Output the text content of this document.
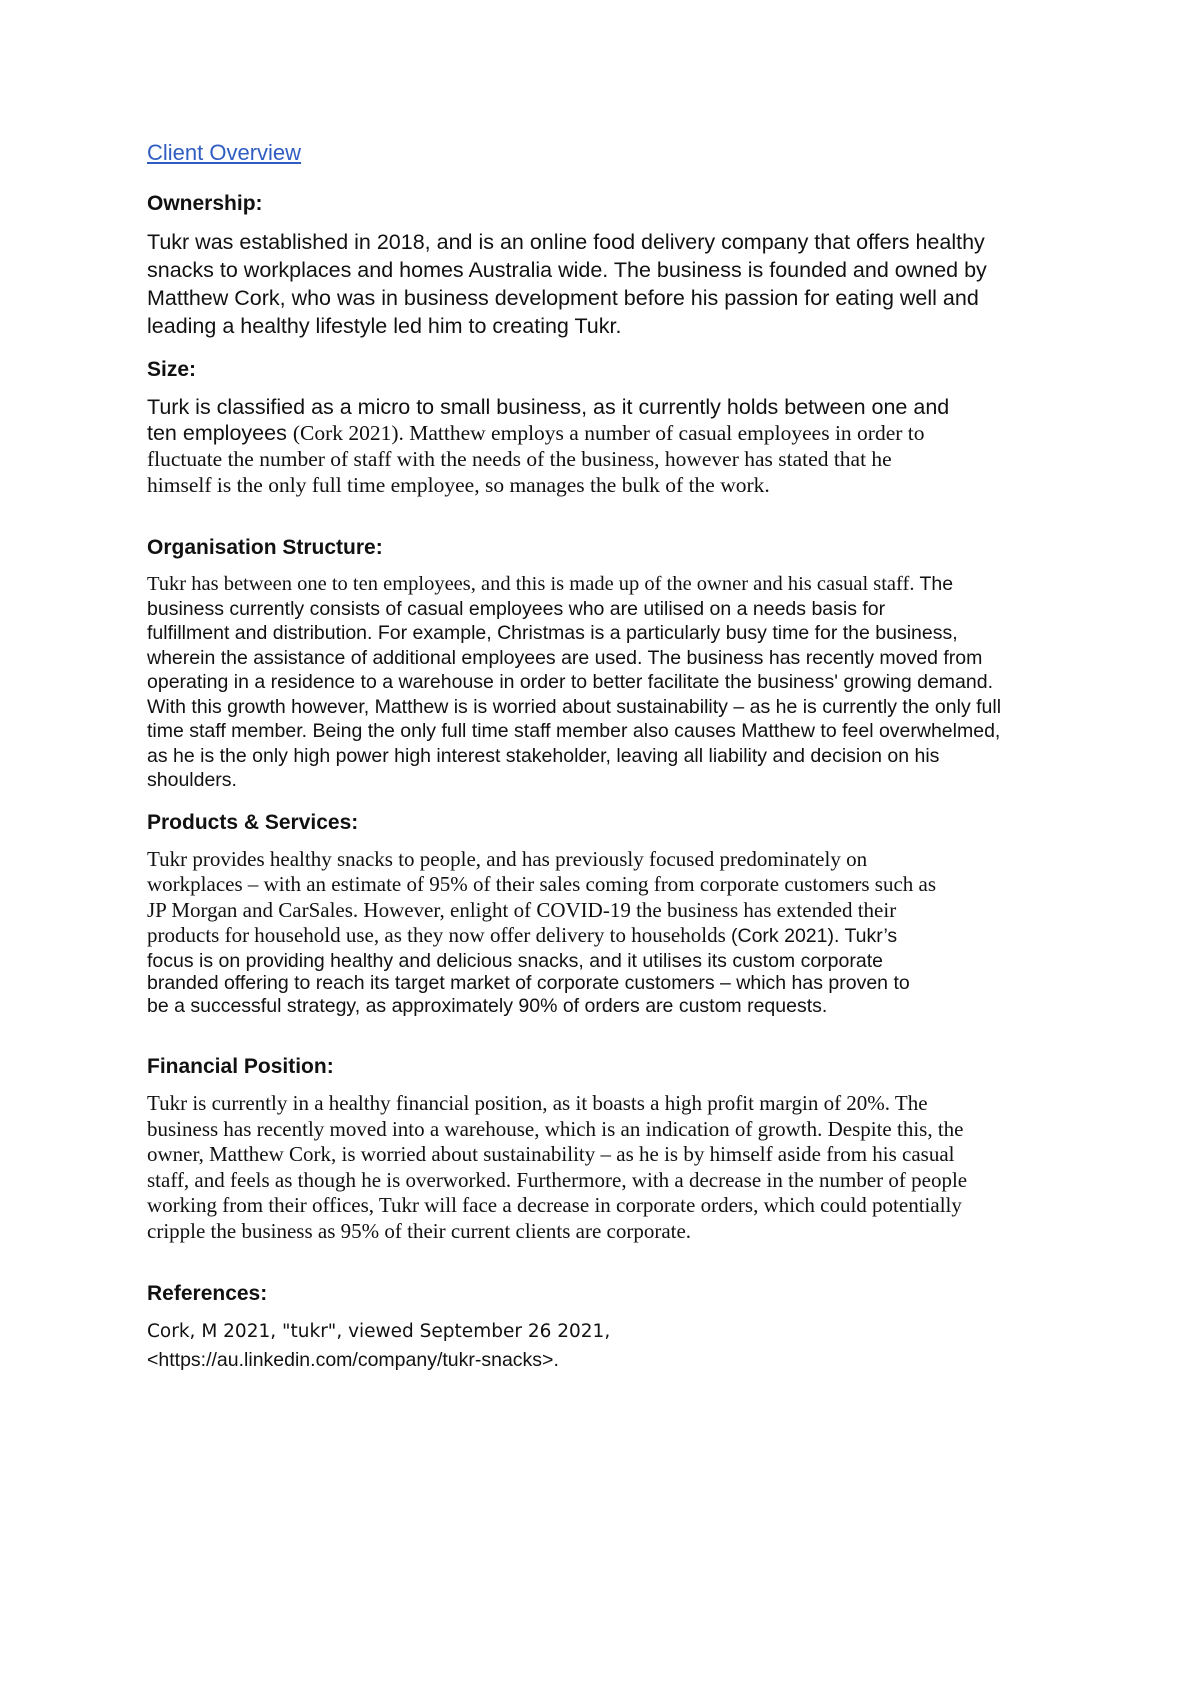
Client Overview
Ownership:

Tukr was established in 2018, and is an online food delivery company that offers healthy
snacks to workplaces and homes Australia wide. The business is founded and owned by
Matthew Cork, who was in business development before his passion for eating well and
leading a healthy lifestyle led him to creating Tukr.

Size:

Turk is classified as a micro to small business, as it currently holds between one and
ten employees (Cork 2021). Matthew employs a number of casual employees in order to
fluctuate the number of staff with the needs of the business, however has stated that he
himself is the only full time employee, so manages the bulk of the work.

Organisation Structure:

Tukr has between one to ten employees, and this is made up of the owner and his casual staff. The
business currently consists of casual employees who are utilised on a needs basis for
fulfillment and distribution. For example, Christmas is a particularly busy time for the business,
wherein the assistance of additional employees are used. The business has recently moved from
operating in a residence to a warehouse in order to better facilitate the business' growing demand.
With this growth however, Matthew is is worried about sustainability – as he is currently the only full
time staff member. Being the only full time staff member also causes Matthew to feel overwhelmed,
as he is the only high power high interest stakeholder, leaving all liability and decision on his
shoulders.

Products & Services:

Tukr provides healthy snacks to people, and has previously focused predominately on
workplaces – with an estimate of 95% of their sales coming from corporate customers such as
JP Morgan and CarSales. However, enlight of COVID-19 the business has extended their
products for household use, as they now offer delivery to households (Cork 2021). Tukr’s
focus is on providing healthy and delicious snacks, and it utilises its custom corporate
branded offering to reach its target market of corporate customers – which has proven to
be a successful strategy, as approximately 90% of orders are custom requests.

Financial Position:

Tukr is currently in a healthy financial position, as it boasts a high profit margin of 20%. The
business has recently moved into a warehouse, which is an indication of growth. Despite this, the
owner, Matthew Cork, is worried about sustainability – as he is by himself aside from his casual
staff, and feels as though he is overworked. Furthermore, with a decrease in the number of people
working from their offices, Tukr will face a decrease in corporate orders, which could potentially
cripple the business as 95% of their current clients are corporate.

References:

Cork, M 2021, "tukr", viewed September 26 2021,
<https://au.linkedin.com/company/tukr-snacks>.
